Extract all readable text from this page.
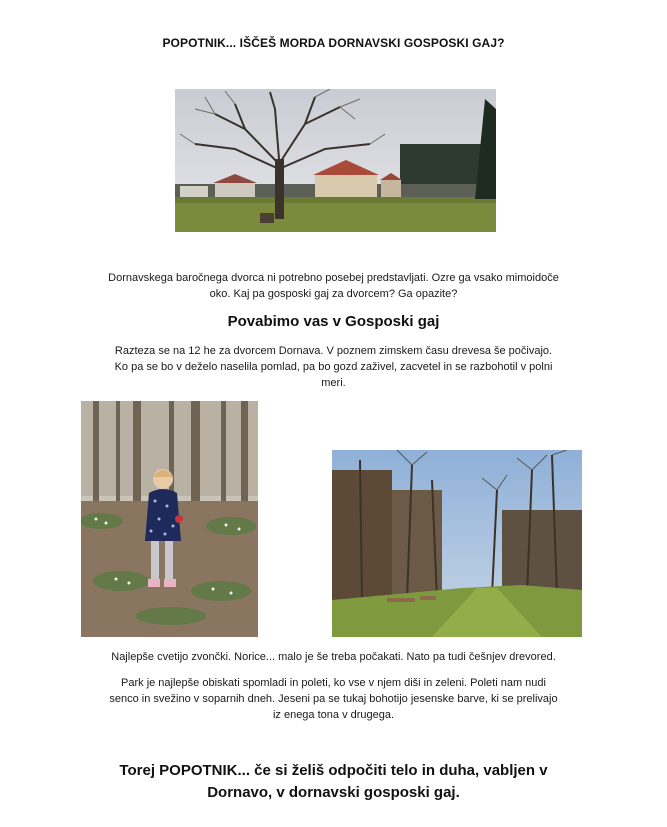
POPOTNIK... IŠČEŠ MORDA DORNAVSKI GOSPOSKI GAJ?
Dornavskega baročnega dvorca ni potrebno posebej predstavljati. Ozre ga vsako mimoidoče
oko. Kaj pa gosposki gaj za dvorcem? Ga opazite?
Povabimo vas v Gosposki gaj
Razteza se na 12 he za dvorcem Dornava. V poznem zimskem času drevesa še počivajo.
Ko pa se bo v deželo naselila pomlad, pa bo gozd zaživel, zacvetel in se razbohotil v polni
meri.
Najlepše cvetijo zvončki. Norice... malo je še treba počakati. Nato pa tudi češnjev drevored.
Park je najlepše obiskati spomladi in poleti, ko vse v njem diši in zeleni. Poleti nam nudi
senco in svežino v soparnih dneh. Jeseni pa se tukaj bohotijo jesenske barve, ki se prelivajo
iz enega tona v drugega.
Torej POPOTNIK... če si želiš odpočiti telo in duha, vabljen v
Dornavo, v dornavski gosposki gaj.
